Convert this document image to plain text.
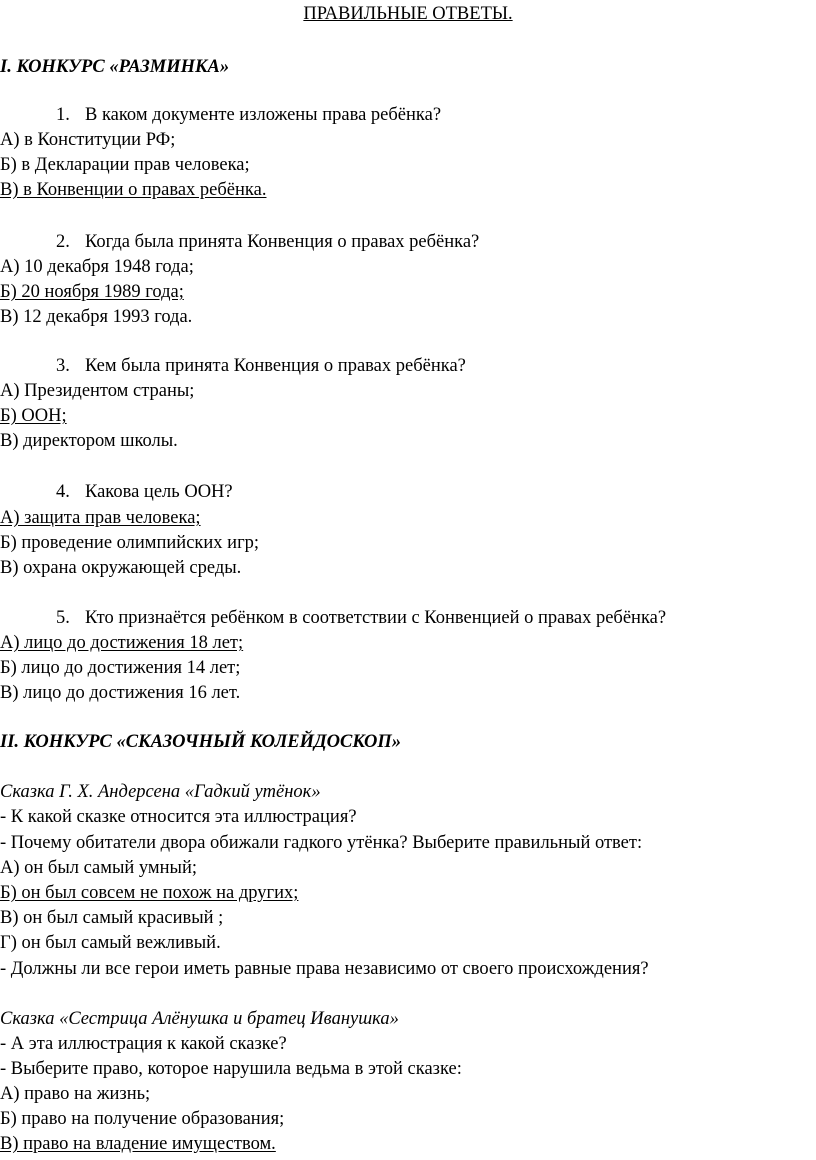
ПРАВИЛЬНЫЕ ОТВЕТЫ.
I. КОНКУРС «РАЗМИНКА»
1. В каком документе изложены права ребёнка?
А) в Конституции РФ;
Б) в Декларации прав человека;
В) в Конвенции о правах ребёнка.
2. Когда была принята Конвенция о правах ребёнка?
А) 10 декабря 1948 года;
Б) 20 ноября 1989 года;
В) 12 декабря 1993 года.
3. Кем была принята Конвенция о правах ребёнка?
А) Президентом страны;
Б) ООН;
В) директором школы.
4. Какова цель ООН?
А) защита прав человека;
Б) проведение олимпийских игр;
В) охрана окружающей среды.
5. Кто признаётся ребёнком в соответствии с Конвенцией о правах ребёнка?
А) лицо до достижения 18 лет;
Б) лицо до достижения 14 лет;
В) лицо до достижения 16 лет.
II. КОНКУРС «СКАЗОЧНЫЙ КОЛЕЙДОСКОП»
Сказка Г. Х. Андерсена «Гадкий утёнок»
- К какой сказке относится эта иллюстрация?
- Почему обитатели двора обижали гадкого утёнка? Выберите правильный ответ:
А) он был самый умный;
Б) он был совсем не похож на других;
В) он был самый красивый ;
Г) он был самый вежливый.
- Должны ли все герои иметь равные права независимо от своего происхождения?
Сказка «Сестрица Алёнушка и братец Иванушка»
- А эта иллюстрация к какой сказке?
- Выберите право, которое нарушила ведьма в этой сказке:
А) право на жизнь;
Б) право на получение образования;
В) право на владение имуществом.
